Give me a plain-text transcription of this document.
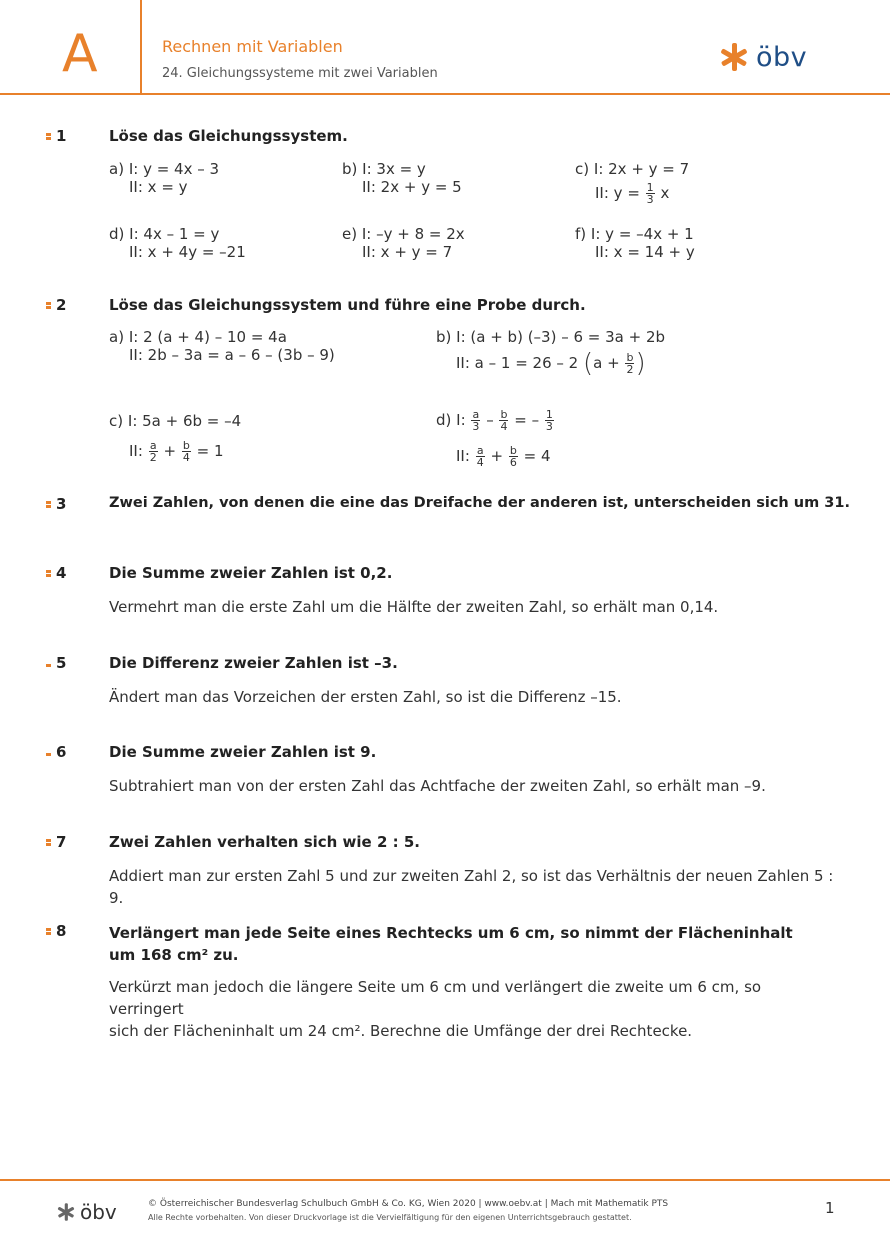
A	Rechnen mit Variablen
24. Gleichungssysteme mit zwei Variablen
öbv
1	Löse das Gleichungssystem.
a) I: y = 4x – 3
II: x = y
b) I: 3x = y
II: 2x + y = 5
c) I: 2x + y = 7
II: $y = \frac{1}{3}$ x
d) I: 4x – 1 = y
II: x + 4y = –21
e) I: –y + 8 = 2x
II: x + y = 7
f) I: y = –4x + 1
II: x = 14 + y
2	Löse das Gleichungssystem und führe eine Probe durch.
a) I: 2 (a + 4) – 10 = 4a
II: 2b – 3a = a – 6 – (3b – 9)
b) I: (a + b) (–3) – 6 = 3a + 2b
II: a – 1 = 26 – 2 ($a + \frac{b}{2}$ )
c) I: 5a + 6b = –4
II: $\frac{a}{2} + \frac{b}{4} = 1$
d) I: $\frac{a}{3} - \frac{b}{4}$ = – $\frac{1}{3}$

II: $\frac{a}{4} + \frac{b}{6} = 4$
3	Zwei Zahlen, von denen die eine das Dreifache der anderen ist, unterscheiden sich um 31.
4	Die Summe zweier Zahlen ist 0,2.
Vermehrt man die erste Zahl um die Hälfte der zweiten Zahl, so erhält man 0,14.
5	Die Differenz zweier Zahlen ist –3.
Ändert man das Vorzeichen der ersten Zahl, so ist die Differenz –15.
6	Die Summe zweier Zahlen ist 9.
Subtrahiert man von der ersten Zahl das Achtfache der zweiten Zahl, so erhält man –9.
7	Zwei Zahlen verhalten sich wie 2 : 5.
Addiert man zur ersten Zahl 5 und zur zweiten Zahl 2, so ist das Verhältnis der neuen Zahlen 5 : 9.
8	Verlängert man jede Seite eines Rechtecks um 6 cm, so nimmt der Flächeninhalt
um 168 cm² zu.
Verkürzt man jedoch die längere Seite um 6 cm und verlängert die zweite um 6 cm, so verringert
sich der Flächeninhalt um 24 cm². Berechne die Umfänge der drei Rechtecke.
öbv	© Österreichischer Bundesverlag Schulbuch GmbH & Co. KG, Wien 2020 | www.oebv.at | Mach mit Mathematik PTS
Alle Rechte vorbehalten. Von dieser Druckvorlage ist die Vervielfältigung für den eigenen Unterrichtsgebrauch gestattet.
1
